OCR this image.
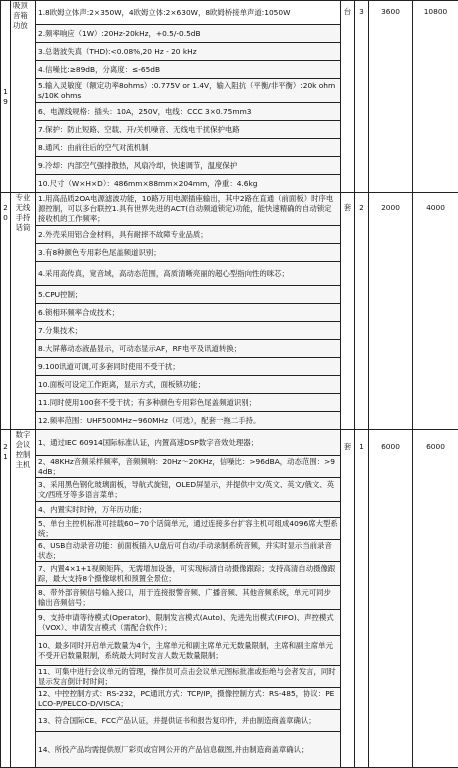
19	吸顶音箱功放	1.8欧姆立体声:2×350W，4欧姆立体:2×630W，8欧姆桥接单声道:1050W	台	3	3600	10800
		2.频率响应（1W）:20Hz-20kHz，+0.5/-0.5dB				
		3.总谐波失真（THD):<0.08%,20 Hz - 20 kHz				
		4.信噪比:≥89dB，分离度：≤-65dB				
		5.输入灵敏度（额定功率8ohms）:0.775V or 1.4V，输入阻抗（平衡/非平衡）:20k ohms/10K ohms				
		6、电源线规格：插头：10A，250V，电线：CCC 3×0.75mm3				
		7.保护：防止短路、空载、开/关机噪音、无线电干扰保护电路				
		8.通风：由前往后的空气对流机制				
		9.冷却：内部空气强排散热，风扇冷却，快速调节，温度保护				
		10.尺寸（W×H×D）：486mm×88mm×204mm，净重：4.6kg				
20	专业无线手持话筒	1.用高品质2OA电源滤波功能，10路万用电源插座输出，其中2路在直通（前面板）时序电源控制，可以多台联控1.具有世界先进的ACT(自动频道锁定)功能，能快速精确的自动锁定接收机的工作频率；	套	2	2000	4000
		2.外壳采用铝合金材料，具有耐摔不故障专业品质；				
		3.有8种颜色专用彩色尾盖频道识别；				
		4.采用高传真，宽音域，高动态范围，高质清晰亮丽的超心型指向性的咪芯；				
		5.CPU控制；				
		6.锁相环频率合成技术；				
		7.分集技术；				
		8.大屏幕动态液晶显示，可动态显示AF，RF电平及讯道转换；				
		9.100讯道可调,可多套同时使用不受干扰；				
		10.面板可设定工作距离，显示方式，面板锁功能；				
		11.同时使用100套不受干扰；有多种颜色专用彩色尾盖频道识别；				
		12.频率范围：UHF500MHz~960MHz（可选），配套一拖二手持。				
21	数字会议控制主机	1、通过IEC 60914国际标准认证，内置高速DSP数字音效处理器；	套	1	6000	6000
		2、48KHz音频采样频率，音频频响：20Hz～20KHz，信噪比：>96dBA，动态范围：>94dB；				
		3、采用黑色钢化玻璃面板，导航式旋钮，OLED屏显示，并提供中文/英文、英文/俄文、英文/西班牙等多语言菜单；				
		4、内置实时时钟，万年历功能；				
		5、单台主控机标准可挂载60~70个话筒单元，通过连接多台扩容主机可组成4096席大型系统；				
		6、USB自动录音功能：前面板插入U盘后可自动/手动录制系统音频，并实时显示当前录音状态；				
		7、内置4×1+1视频矩阵，无需增加设备，可实现标清自动摄像跟踪；支持高清自动摄像跟踪，最大支持8个摄像球机和预置全景位；				
		8、带外部音频信号输入接口，用于连接报警音频、广播音频、其他音频系统，单元可同步输出音频信号；				
		9、支持申请等待模式(Operator)、限制发言模式(Auto)、先进先出模式(FIFO)、声控模式（VOX）、申请发言模式（需配合软件）；				
		10、最多同时开启单元数量为4个，主席单元和副主席单元无数量限制，主席和副主席单元不受开启数量限制，系统最大同时发言人数无数量限制；				
		11、可集中进行会议单元的管理，操作员可点击会议单元图标批准或拒绝与会者发言，同时显示发言倒计时时间；				
		12、中控控制方式：RS-232，PC通讯方式：TCP/IP，摄像控制方式：RS-485，协议：PELCO-P/PELCO-D/VISCA；				
		13、符合国际CE、FCC产品认证，并提供证书和报告复印件，并由制造商盖章确认；				
		14、所投产品均需提供原厂彩页或官网公开的产品信息截图,并由制造商盖章确认；				
